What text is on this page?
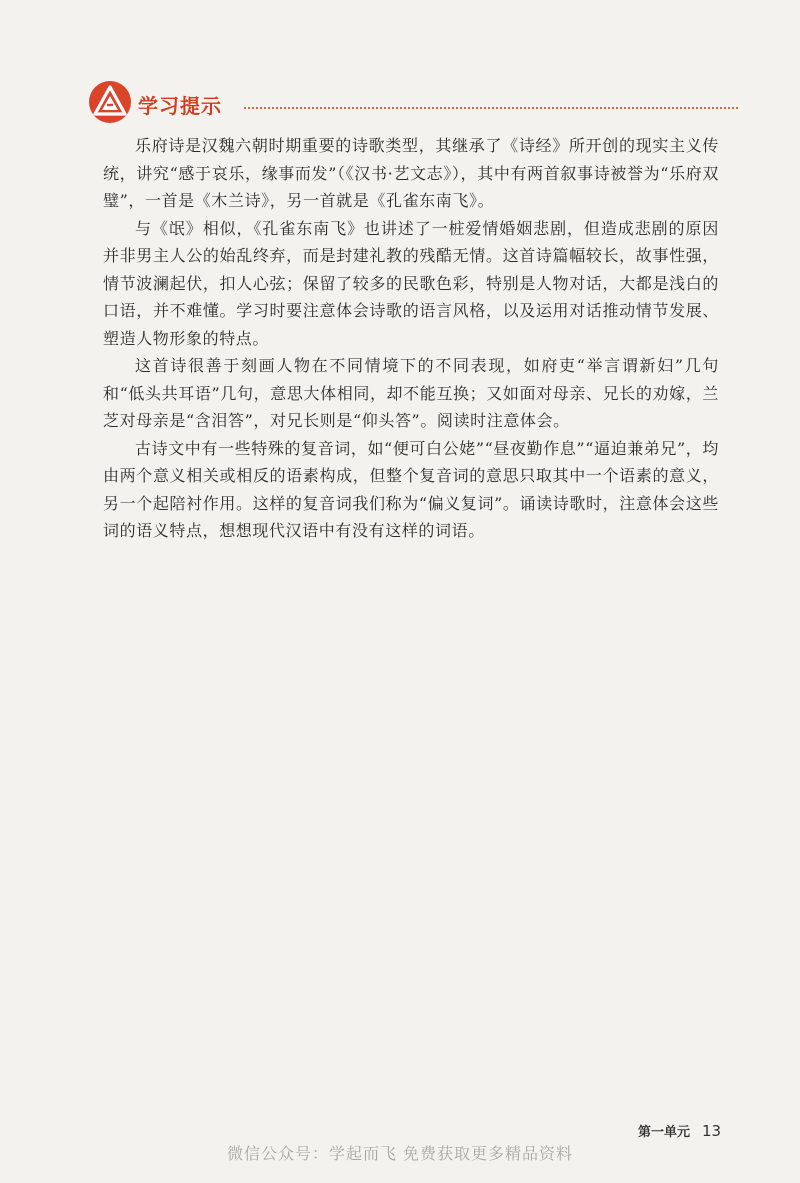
学习提示

乐府诗是汉魏六朝时期重要的诗歌类型，其继承了《诗经》所开创的现实主义传统，讲究“感于哀乐，缘事而发”（《汉书·艺文志》），其中有两首叙事诗被誉为“乐府双璧”，一首是《木兰诗》，另一首就是《孔雀东南飞》。

与《氓》相似，《孔雀东南飞》也讲述了一桩爱情婚姻悲剧，但造成悲剧的原因并非男主人公的始乱终弃，而是封建礼教的残酷无情。这首诗篇幅较长，故事性强，情节波澜起伏，扣人心弦；保留了较多的民歌色彩，特别是人物对话，大都是浅白的口语，并不难懂。学习时要注意体会诗歌的语言风格，以及运用对话推动情节发展、塑造人物形象的特点。

这首诗很善于刻画人物在不同情境下的不同表现，如府吏“举言谓新妇”几句和“低头共耳语”几句，意思大体相同，却不能互换；又如面对母亲、兄长的劝嫁，兰芝对母亲是“含泪答”，对兄长则是“仰头答”。阅读时注意体会。

古诗文中有一些特殊的复音词，如“便可白公姥”“昼夜勤作息”“逼迫兼弟兄”，均由两个意义相关或相反的语素构成，但整个复音词的意思只取其中一个语素的意义，另一个起陪衬作用。这样的复音词我们称为“偏义复词”。诵读诗歌时，注意体会这些词的语义特点，想想现代汉语中有没有这样的词语。

第一单元 13
微信公众号：学起而飞 免费获取更多精品资料
